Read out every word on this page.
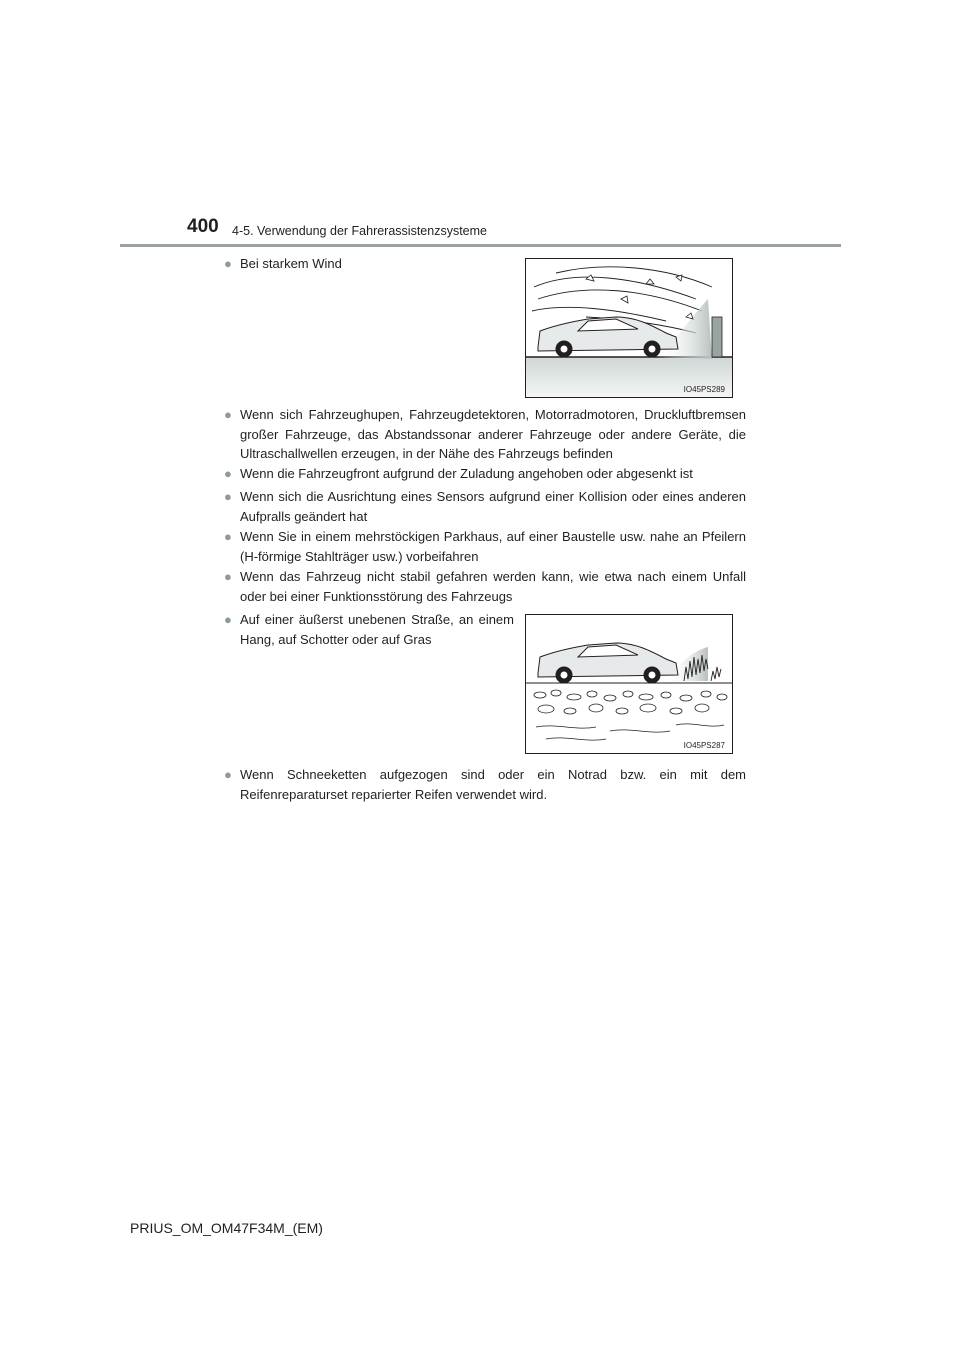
400 4-5. Verwendung der Fahrerassistenzsysteme
● Bei starkem Wind
IO45PS289
● Wenn sich Fahrzeughupen, Fahrzeugdetektoren, Motorradmotoren, Druckluftbremsen großer Fahrzeuge, das Abstandssonar anderer Fahrzeuge oder andere Geräte, die Ultraschallwellen erzeugen, in der Nähe des Fahrzeugs befinden
● Wenn die Fahrzeugfront aufgrund der Zuladung angehoben oder abgesenkt ist
● Wenn sich die Ausrichtung eines Sensors aufgrund einer Kollision oder eines anderen Aufpralls geändert hat
● Wenn Sie in einem mehrstöckigen Parkhaus, auf einer Baustelle usw. nahe an Pfeilern (H-förmige Stahlträger usw.) vorbeifahren
● Wenn das Fahrzeug nicht stabil gefahren werden kann, wie etwa nach einem Unfall oder bei einer Funktionsstörung des Fahrzeugs
● Auf einer äußerst unebenen Straße, an einem Hang, auf Schotter oder auf Gras
IO45PS287
● Wenn Schneeketten aufgezogen sind oder ein Notrad bzw. ein mit dem Reifenreparaturset reparierter Reifen verwendet wird.
PRIUS_OM_OM47F34M_(EM)
